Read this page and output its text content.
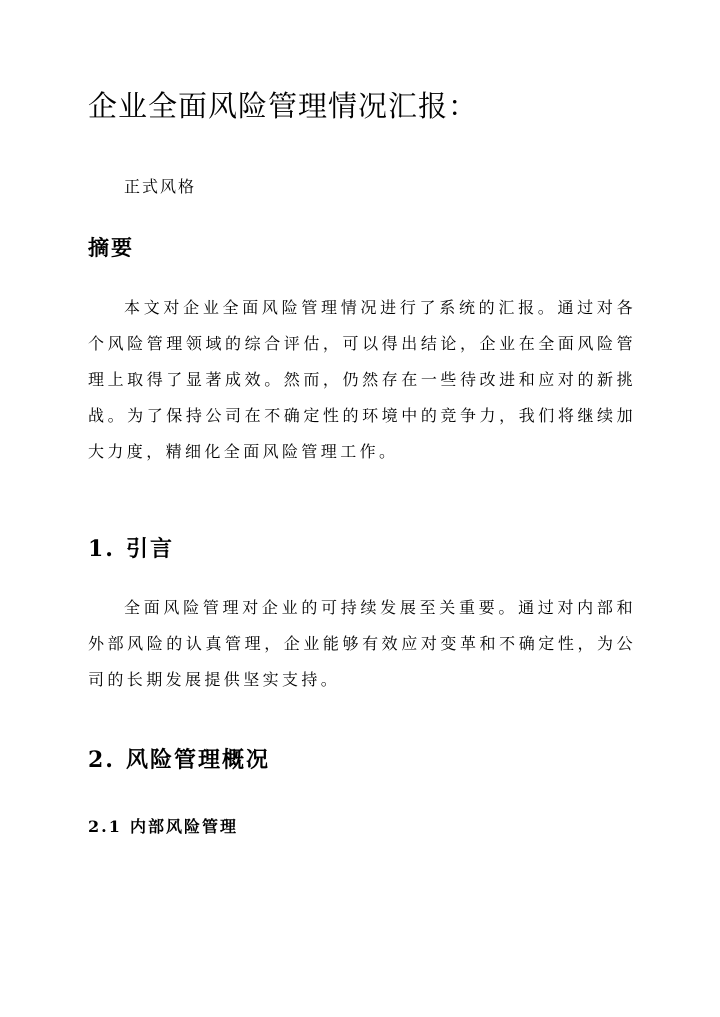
企业全面风险管理情况汇报：
正式风格
摘要

本文对企业全面风险管理情况进行了系统的汇报。通过对各个风险管理领域的综合评估，可以得出结论，企业在全面风险管理上取得了显著成效。然而，仍然存在一些待改进和应对的新挑战。为了保持公司在不确定性的环境中的竞争力，我们将继续加大力度，精细化全面风险管理工作。

1. 引言

全面风险管理对企业的可持续发展至关重要。通过对内部和外部风险的认真管理，企业能够有效应对变革和不确定性，为公司的长期发展提供坚实支持。

2. 风险管理概况
2.1 内部风险管理
